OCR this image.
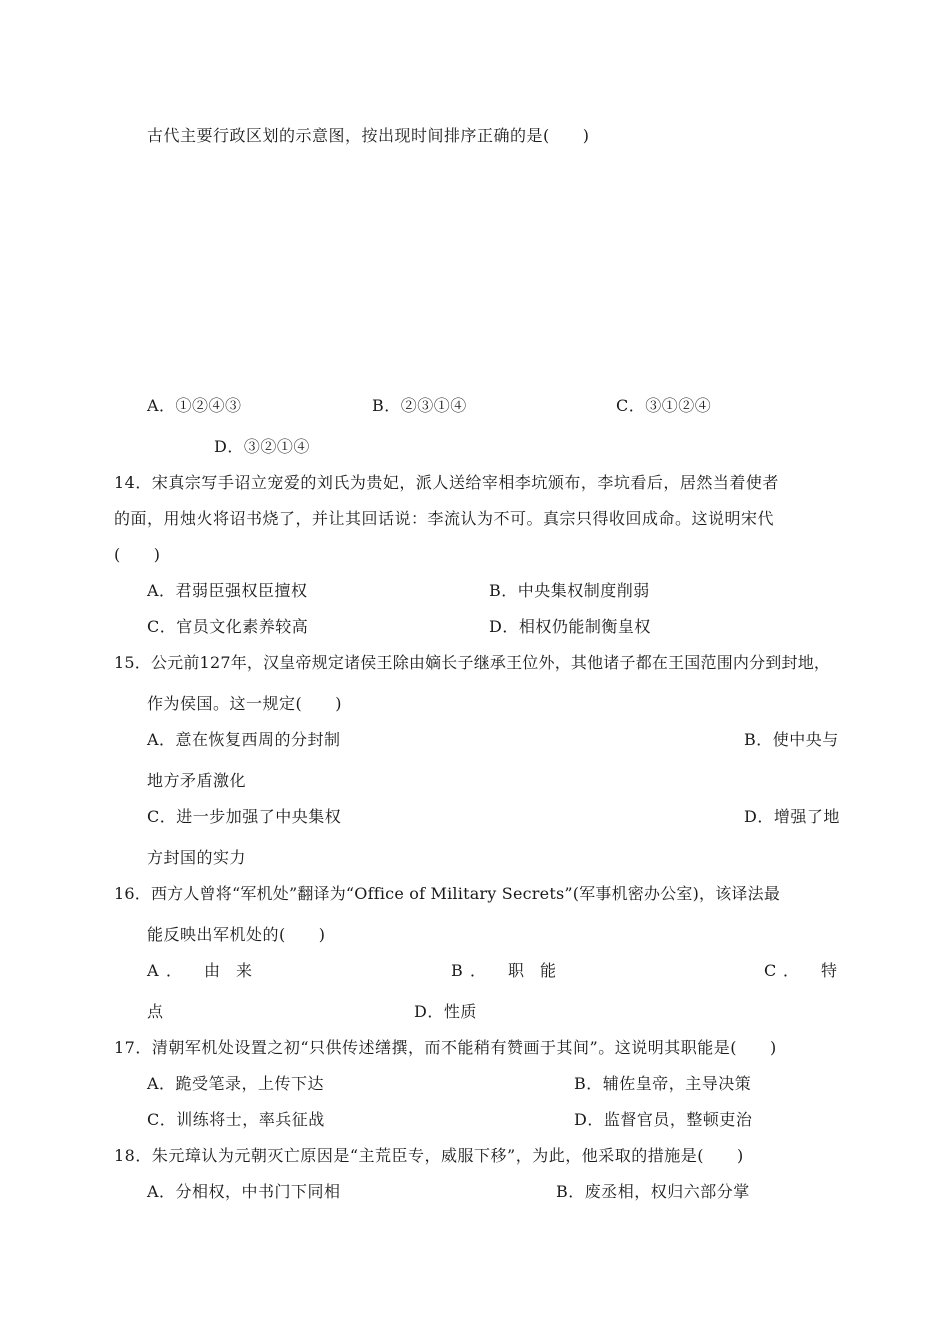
古代主要行政区划的示意图，按出现时间排序正确的是(　　)
A．①②④③	B．②③①④	C．③①②④
D．③②①④
14．宋真宗写手诏立宠爱的刘氏为贵妃，派人送给宰相李坑颁布，李坑看后，居然当着使者
的面，用烛火将诏书烧了，并让其回话说：李流认为不可。真宗只得收回成命。这说明宋代
(　　)
A．君弱臣强权臣擅权	B．中央集权制度削弱
C．官员文化素养较高	D．相权仍能制衡皇权
15．公元前127年，汉皇帝规定诸侯王除由嫡长子继承王位外，其他诸子都在王国范围内分到封地，
作为侯国。这一规定(　　)
A．意在恢复西周的分封制	B．使中央与
地方矛盾激化
C．进一步加强了中央集权	D．增强了地
方封国的实力
16．西方人曾将“军机处”翻译为“Office of Military Secrets”(军事机密办公室)，该译法最
能反映出军机处的(　　)
A ． 由 来	B ． 职 能	C ． 特
点	D．性质
17．清朝军机处设置之初“只供传述缮撰，而不能稍有赞画于其间”。这说明其职能是(　　)
A．跪受笔录，上传下达	B．辅佐皇帝，主导决策
C．训练将士，率兵征战	D．监督官员，整顿吏治
18．朱元璋认为元朝灭亡原因是“主荒臣专，威服下移”，为此，他采取的措施是(　　)
A．分相权，中书门下同相	B．废丞相，权归六部分掌
